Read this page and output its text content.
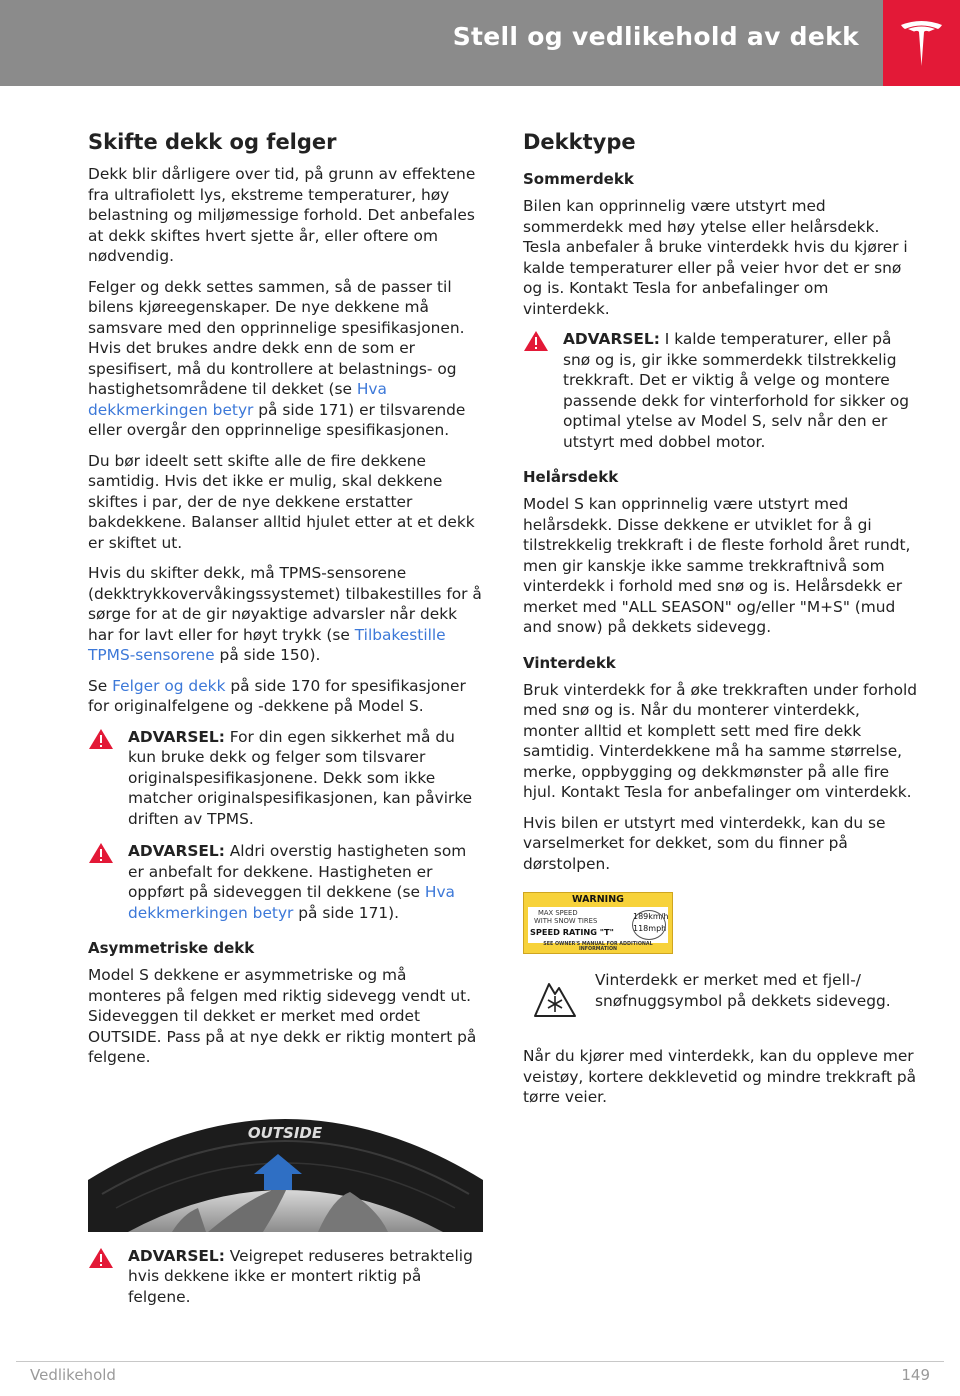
Stell og vedlikehold av dekk
Skifte dekk og felger

Dekk blir dårligere over tid, på grunn av effektene fra ultrafiolett lys, ekstreme temperaturer, høy belastning og miljømessige forhold. Det anbefales at dekk skiftes hvert sjette år, eller oftere om nødvendig.

Felger og dekk settes sammen, så de passer til bilens kjøreegenskaper. De nye dekkene må samsvare med den opprinnelige spesifikasjonen. Hvis det brukes andre dekk enn de som er spesifisert, må du kontrollere at belastnings- og hastighetsområdene til dekket (se Hva dekkmerkingen betyr på side 171) er tilsvarende eller overgår den opprinnelige spesifikasjonen.

Du bør ideelt sett skifte alle de fire dekkene samtidig. Hvis det ikke er mulig, skal dekkene skiftes i par, der de nye dekkene erstatter bakdekkene. Balanser alltid hjulet etter at et dekk er skiftet ut.

Hvis du skifter dekk, må TPMS-sensorene (dekktrykkovervåkingssystemet) tilbakestilles for å sørge for at de gir nøyaktige advarsler når dekk har for lavt eller for høyt trykk (se Tilbakestille TPMS-sensorene på side 150).

Se Felger og dekk på side 170 for spesifikasjoner for originalfelgene og -dekkene på Model S.

ADVARSEL: For din egen sikkerhet må du kun bruke dekk og felger som tilsvarer originalspesifikasjonene. Dekk som ikke matcher originalspesifikasjonen, kan påvirke driften av TPMS.
ADVARSEL: Aldri overstig hastigheten som er anbefalt for dekkene. Hastigheten er oppført på sideveggen til dekkene (se Hva dekkmerkingen betyr på side 171).
Asymmetriske dekk

Model S dekkene er asymmetriske og må monteres på felgen med riktig sidevegg vendt ut. Sideveggen til dekket er merket med ordet OUTSIDE. Pass på at nye dekk er riktig montert på felgene.

OUTSIDE
ADVARSEL: Veigrepet reduseres betraktelig hvis dekkene ikke er montert riktig på felgene.
Dekktype
Sommerdekk

Bilen kan opprinnelig være utstyrt med sommerdekk med høy ytelse eller helårsdekk. Tesla anbefaler å bruke vinterdekk hvis du kjører i kalde temperaturer eller på veier hvor det er snø og is. Kontakt Tesla for anbefalinger om vinterdekk.

ADVARSEL: I kalde temperaturer, eller på snø og is, gir ikke sommerdekk tilstrekkelig trekkraft. Det er viktig å velge og montere passende dekk for vinterforhold for sikker og optimal ytelse av Model S, selv når den er utstyrt med dobbel motor.
Helårsdekk

Model S kan opprinnelig være utstyrt med helårsdekk. Disse dekkene er utviklet for å gi tilstrekkelig trekkraft i de fleste forhold året rundt, men gir kanskje ikke samme trekkraftnivå som vinterdekk i forhold med snø og is. Helårsdekk er merket med "ALL SEASON" og/eller "M+S" (mud and snow) på dekkets sidevegg.

Vinterdekk

Bruk vinterdekk for å øke trekkraften under forhold med snø og is. Når du monterer vinterdekk, monter alltid et komplett sett med fire dekk samtidig. Vinterdekkene må ha samme størrelse, merke, oppbygging og dekkmønster på alle fire hjul. Kontakt Tesla for anbefalinger om vinterdekk.

Hvis bilen er utstyrt med vinterdekk, kan du se varselmerket for dekket, som du finner på dørstolpen.

WARNING
MAX SPEED
WITH SNOW TIRES
SPEED RATING "T"
189km/h
118mph
SEE OWNER'S MANUAL FOR ADDITIONAL INFORMATION

Vinterdekk er merket med et fjell-/ snøfnuggsymbol på dekkets sidevegg.

Når du kjører med vinterdekk, kan du oppleve mer veistøy, kortere dekklevetid og mindre trekkraft på tørre veier.

Vedlikehold	149
